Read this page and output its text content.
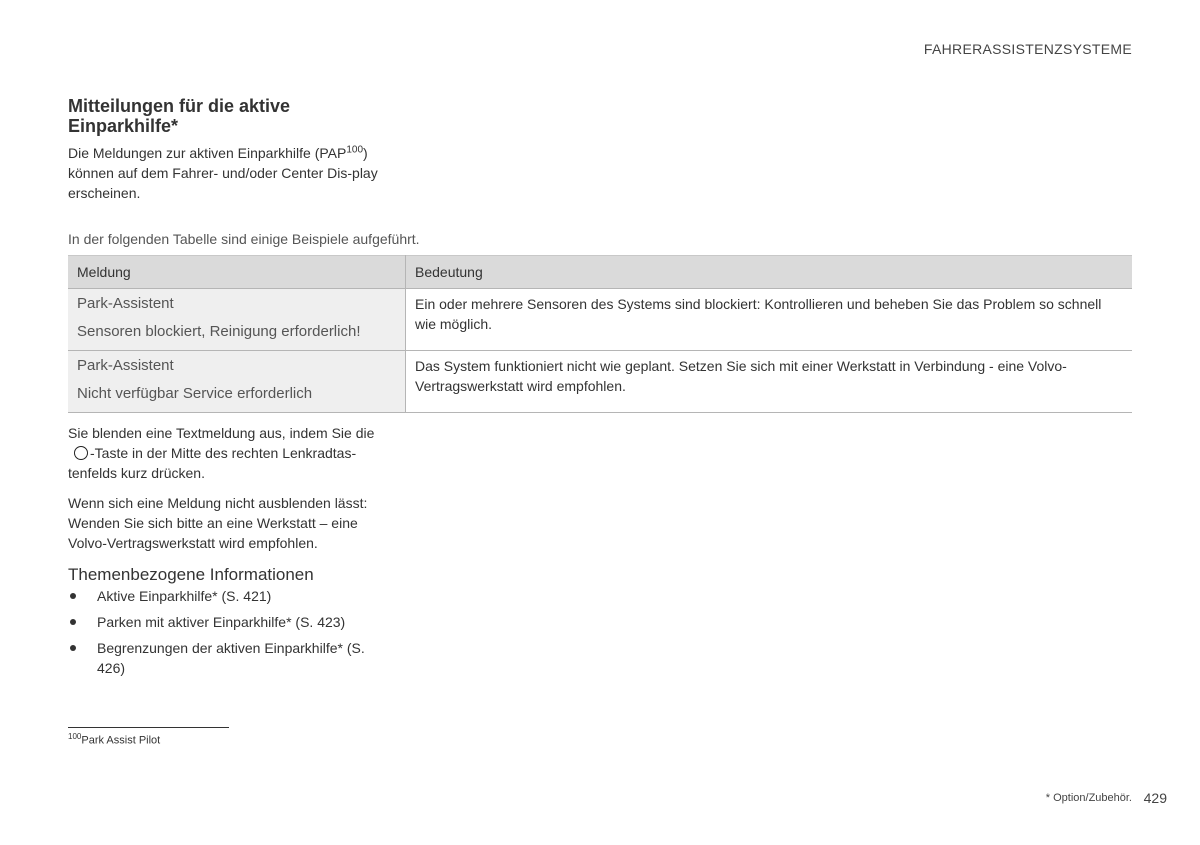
FAHRERASSISTENZSYSTEME
Mitteilungen für die aktive Einparkhilfe*
Die Meldungen zur aktiven Einparkhilfe (PAP$^{100}$) können auf dem Fahrer- und/oder Center Dis-play erscheinen.
In der folgenden Tabelle sind einige Beispiele aufgeführt.
Meldung	Bedeutung

Park-Assistent
Sensoren blockiert, Reinigung erforderlich!	Ein oder mehrere Sensoren des Systems sind blockiert: Kontrollieren und beheben Sie das Problem so schnell wie möglich.

Park-Assistent
Nicht verfügbar Service erforderlich	Das System funktioniert nicht wie geplant. Setzen Sie sich mit einer Werkstatt in Verbindung - eine Volvo-Vertragswerkstatt wird empfohlen.
Sie blenden eine Textmeldung aus, indem Sie die
-Taste in der Mitte des rechten Lenkradtas-tenfelds kurz drücken.
Wenn sich eine Meldung nicht ausblenden lässt: Wenden Sie sich bitte an eine Werkstatt – eine Volvo-Vertragswerkstatt wird empfohlen.
Themenbezogene Informationen
Aktive Einparkhilfe* (S. 421)
Parken mit aktiver Einparkhilfe* (S. 423)
Begrenzungen der aktiven Einparkhilfe* (S. 426)
$^{100}$Park Assist Pilot
* Option/Zubehör. 429
